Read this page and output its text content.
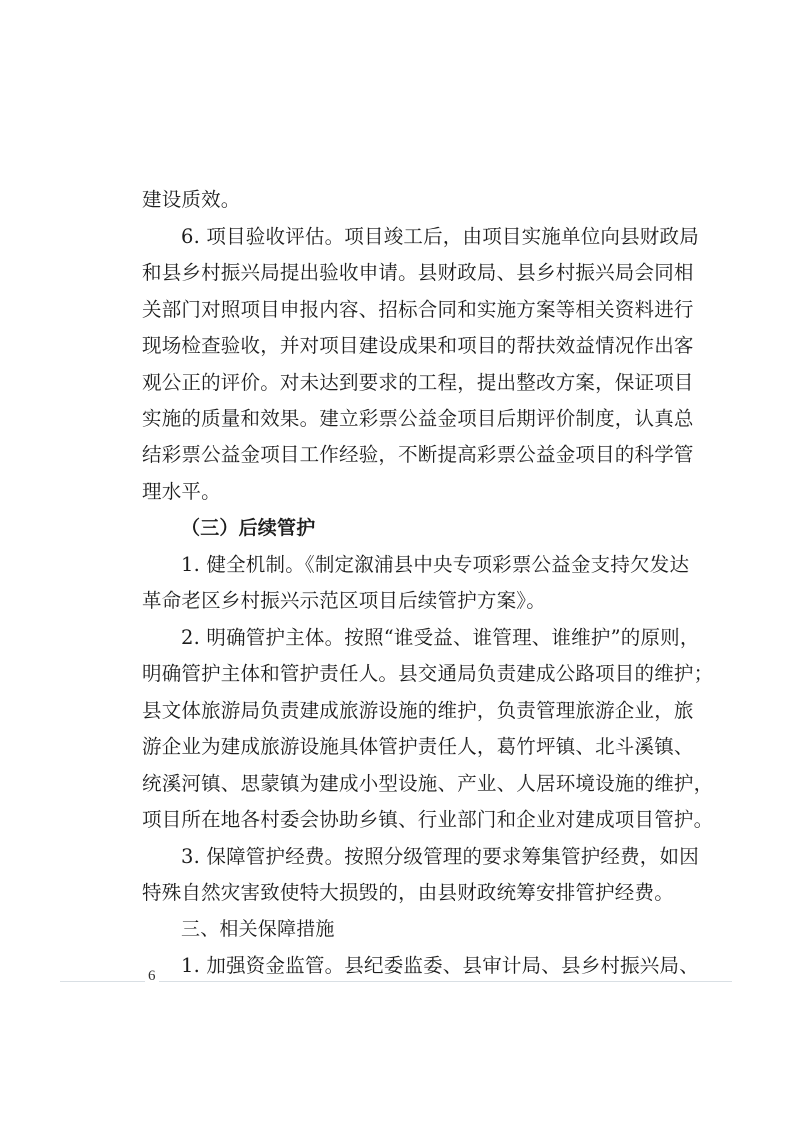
建设质效。
6. 项目验收评估。项目竣工后，由项目实施单位向县财政局
和县乡村振兴局提出验收申请。县财政局、县乡村振兴局会同相
关部门对照项目申报内容、招标合同和实施方案等相关资料进行
现场检查验收，并对项目建设成果和项目的帮扶效益情况作出客
观公正的评价。对未达到要求的工程，提出整改方案，保证项目
实施的质量和效果。建立彩票公益金项目后期评价制度，认真总
结彩票公益金项目工作经验，不断提高彩票公益金项目的科学管
理水平。
（三）后续管护
1. 健全机制。《制定溆浦县中央专项彩票公益金支持欠发达
革命老区乡村振兴示范区项目后续管护方案》。
2. 明确管护主体。按照“谁受益、谁管理、谁维护”的原则，
明确管护主体和管护责任人。县交通局负责建成公路项目的维护；
县文体旅游局负责建成旅游设施的维护，负责管理旅游企业，旅
游企业为建成旅游设施具体管护责任人，葛竹坪镇、北斗溪镇、
统溪河镇、思蒙镇为建成小型设施、产业、人居环境设施的维护，
项目所在地各村委会协助乡镇、行业部门和企业对建成项目管护。
3. 保障管护经费。按照分级管理的要求筹集管护经费，如因
特殊自然灾害致使特大损毁的，由县财政统筹安排管护经费。
三、相关保障措施
1. 加强资金监管。县纪委监委、县审计局、县乡村振兴局、
6
